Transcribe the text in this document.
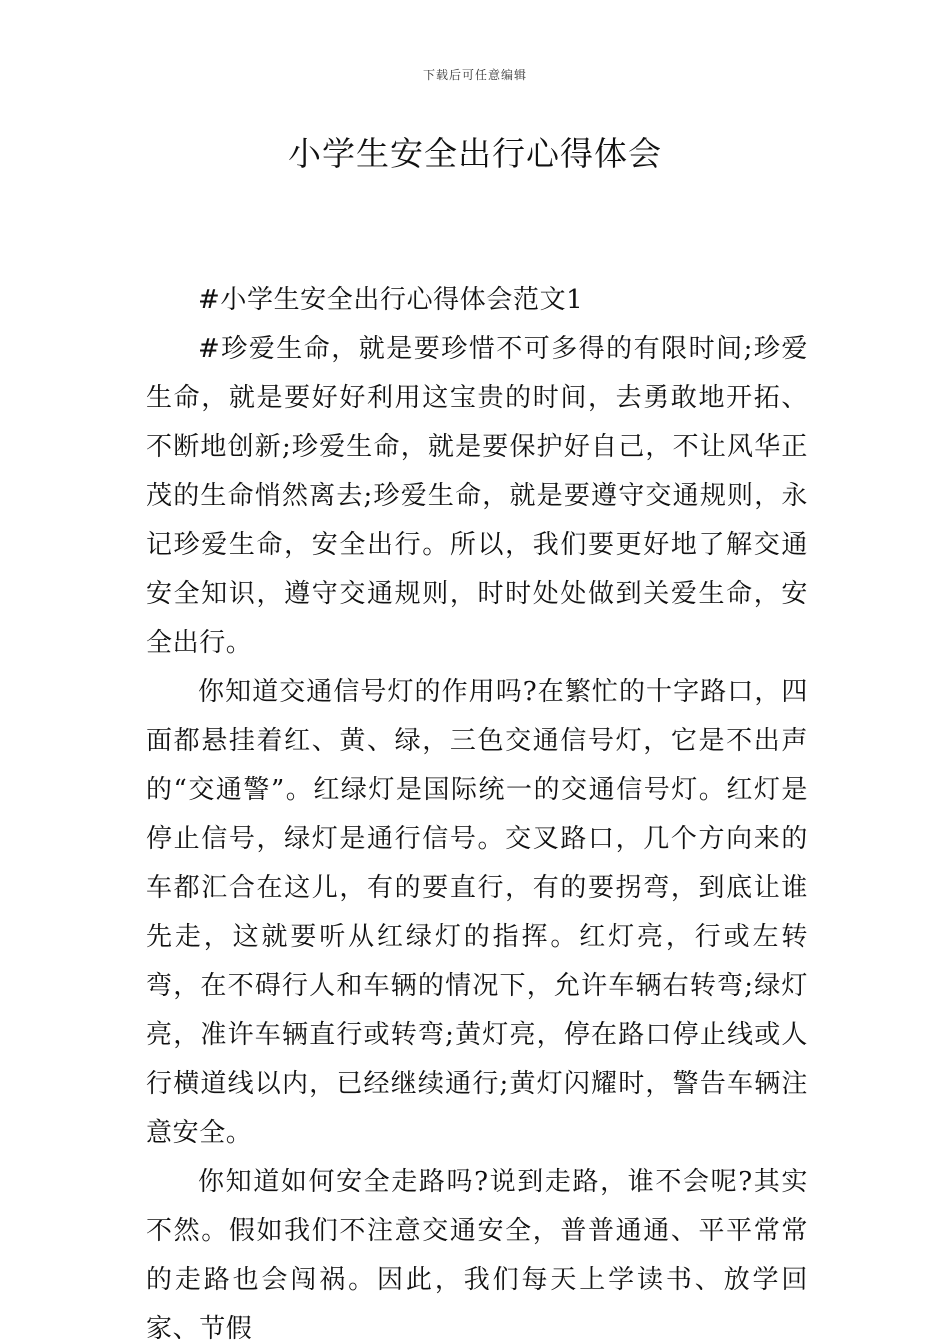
下载后可任意编辑
小学生安全出行心得体会

#小学生安全出行心得体会范文1

#珍爱生命，就是要珍惜不可多得的有限时间;珍爱生命，就是要好好利用这宝贵的时间，去勇敢地开拓、不断地创新;珍爱生命，就是要保护好自己，不让风华正茂的生命悄然离去;珍爱生命，就是要遵守交通规则，永记珍爱生命，安全出行。所以，我们要更好地了解交通安全知识，遵守交通规则，时时处处做到关爱生命，安全出行。

你知道交通信号灯的作用吗?在繁忙的十字路口，四面都悬挂着红、黄、绿，三色交通信号灯，它是不出声的“交通警”。红绿灯是国际统一的交通信号灯。红灯是停止信号，绿灯是通行信号。交叉路口，几个方向来的车都汇合在这儿，有的要直行，有的要拐弯，到底让谁先走，这就要听从红绿灯的指挥。红灯亮，行或左转弯，在不碍行人和车辆的情况下，允许车辆右转弯;绿灯亮，准许车辆直行或转弯;黄灯亮，停在路口停止线或人行横道线以内，已经继续通行;黄灯闪耀时，警告车辆注意安全。

你知道如何安全走路吗?说到走路，谁不会呢?其实不然。假如我们不注意交通安全，普普通通、平平常常的走路也会闯祸。因此，我们每天上学读书、放学回家、节假
